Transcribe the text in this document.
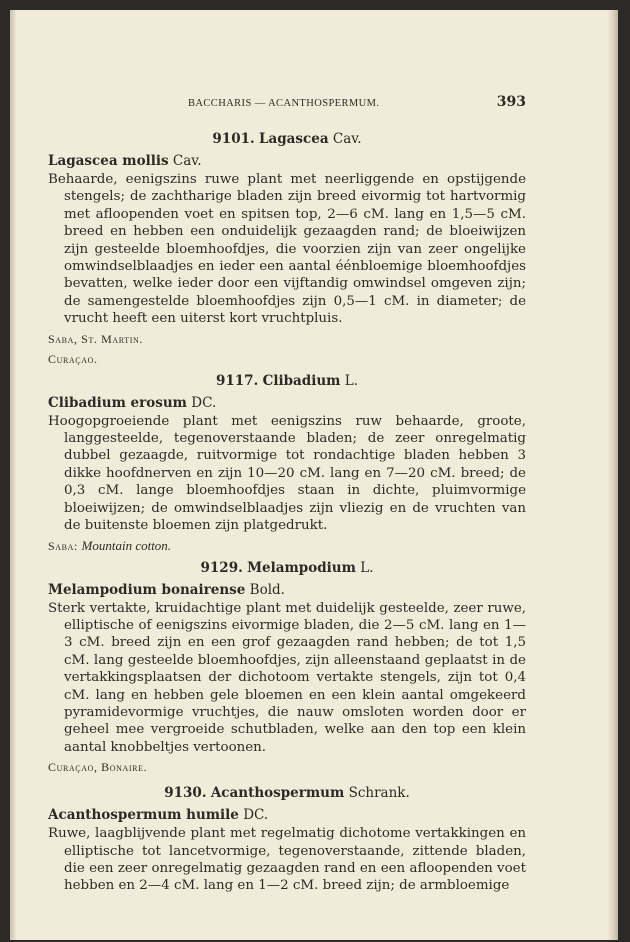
BACCHARIS — ACANTHOSPERMUM.	393

9101. Lagascea Cav.

Lagascea mollis Cav.

Behaarde, eenigszins ruwe plant met neerliggende en opstijgende stengels; de zachtharige bladen zijn breed eivormig tot hartvormig met afloopenden voet en spitsen top, 2—6 cM. lang en 1,5—5 cM. breed en hebben een onduidelijk gezaagden rand; de bloeiwijzen zijn gesteelde bloemhoofdjes, die voorzien zijn van zeer ongelijke omwindselblaadjes en ieder een aantal éénbloemige bloemhoofdjes bevatten, welke ieder door een vijftandig omwindsel omgeven zijn; de samengestelde bloemhoofdjes zijn 0,5—1 cM. in diameter; de vrucht heeft een uiterst kort vruchtpluis.

Saba, St. Martin.

Curaçao.

9117. Clibadium L.

Clibadium erosum DC.

Hoogopgroeiende plant met eenigszins ruw behaarde, groote, langgesteelde, tegenoverstaande bladen; de zeer onregelmatig dubbel gezaagde, ruitvormige tot rondachtige bladen hebben 3 dikke hoofdnerven en zijn 10—20 cM. lang en 7—20 cM. breed; de 0,3 cM. lange bloemhoofdjes staan in dichte, pluimvormige bloeiwijzen; de omwindselblaadjes zijn vliezig en de vruchten van de buitenste bloemen zijn platgedrukt.

Saba: Mountain cotton.

9129. Melampodium L.

Melampodium bonairense Bold.

Sterk vertakte, kruidachtige plant met duidelijk gesteelde, zeer ruwe, elliptische of eenigszins eivormige bladen, die 2—5 cM. lang en 1—3 cM. breed zijn en een grof gezaagden rand hebben; de tot 1,5 cM. lang gesteelde bloemhoofdjes, zijn alleenstaand geplaatst in de vertakkingsplaatsen der dichotoom vertakte stengels, zijn tot 0,4 cM. lang en hebben gele bloemen en een klein aantal omgekeerd pyramidevormige vruchtjes, die nauw omsloten worden door er geheel mee vergroeide schutbladen, welke aan den top een klein aantal knobbeltjes vertoonen.

Curaçao, Bonaire.

9130. Acanthospermum Schrank.

Acanthospermum humile DC.

Ruwe, laagblijvende plant met regelmatig dichotome vertakkingen en elliptische tot lancetvormige, tegenoverstaande, zittende bladen, die een zeer onregelmatig gezaagden rand en een afloopenden voet hebben en 2—4 cM. lang en 1—2 cM. breed zijn; de armbloemige
